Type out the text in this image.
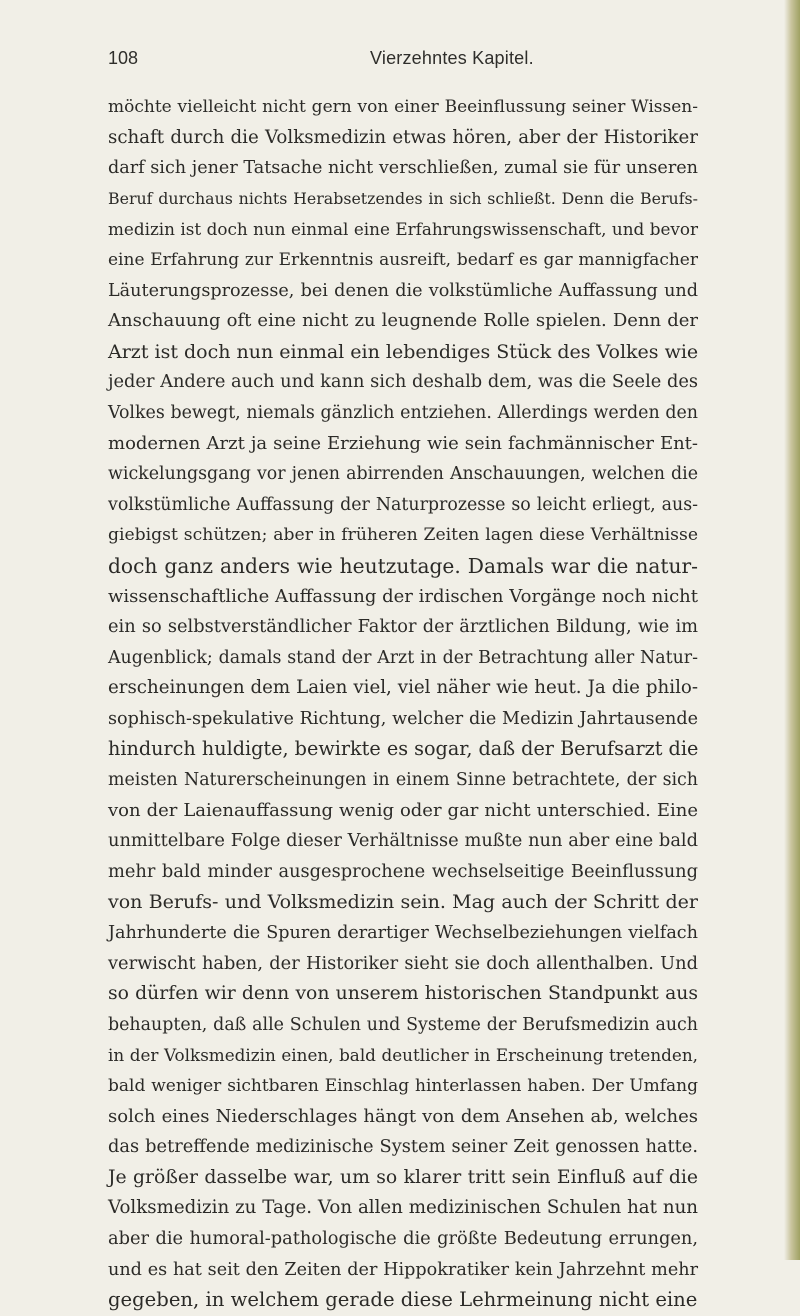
108	Vierzehntes Kapitel.
möchte vielleicht nicht gern von einer Beeinflussung seiner Wissen-
schaft durch die Volksmedizin etwas hören, aber der Historiker
darf sich jener Tatsache nicht verschließen, zumal sie für unseren
Beruf durchaus nichts Herabsetzendes in sich schließt. Denn die Berufs-
medizin ist doch nun einmal eine Erfahrungswissenschaft, und bevor
eine Erfahrung zur Erkenntnis ausreift, bedarf es gar mannigfacher
Läuterungsprozesse, bei denen die volkstümliche Auffassung und
Anschauung oft eine nicht zu leugnende Rolle spielen. Denn der
Arzt ist doch nun einmal ein lebendiges Stück des Volkes wie
jeder Andere auch und kann sich deshalb dem, was die Seele des
Volkes bewegt, niemals gänzlich entziehen. Allerdings werden den
modernen Arzt ja seine Erziehung wie sein fachmännischer Ent-
wickelungsgang vor jenen abirrenden Anschauungen, welchen die
volkstümliche Auffassung der Naturprozesse so leicht erliegt, aus-
giebigst schützen; aber in früheren Zeiten lagen diese Verhältnisse
doch ganz anders wie heutzutage. Damals war die natur-
wissenschaftliche Auffassung der irdischen Vorgänge noch nicht
ein so selbstverständlicher Faktor der ärztlichen Bildung, wie im
Augenblick; damals stand der Arzt in der Betrachtung aller Natur-
erscheinungen dem Laien viel, viel näher wie heut. Ja die philo-
sophisch-spekulative Richtung, welcher die Medizin Jahrtausende
hindurch huldigte, bewirkte es sogar, daß der Berufsarzt die
meisten Naturerscheinungen in einem Sinne betrachtete, der sich
von der Laienauffassung wenig oder gar nicht unterschied. Eine
unmittelbare Folge dieser Verhältnisse mußte nun aber eine bald
mehr bald minder ausgesprochene wechselseitige Beeinflussung
von Berufs- und Volksmedizin sein. Mag auch der Schritt der
Jahrhunderte die Spuren derartiger Wechselbeziehungen vielfach
verwischt haben, der Historiker sieht sie doch allenthalben. Und
so dürfen wir denn von unserem historischen Standpunkt aus
behaupten, daß alle Schulen und Systeme der Berufsmedizin auch
in der Volksmedizin einen, bald deutlicher in Erscheinung tretenden,
bald weniger sichtbaren Einschlag hinterlassen haben. Der Umfang
solch eines Niederschlages hängt von dem Ansehen ab, welches
das betreffende medizinische System seiner Zeit genossen hatte.
Je größer dasselbe war, um so klarer tritt sein Einfluß auf die
Volksmedizin zu Tage. Von allen medizinischen Schulen hat nun
aber die humoral-pathologische die größte Bedeutung errungen,
und es hat seit den Zeiten der Hippokratiker kein Jahrzehnt mehr
gegeben, in welchem gerade diese Lehrmeinung nicht eine
